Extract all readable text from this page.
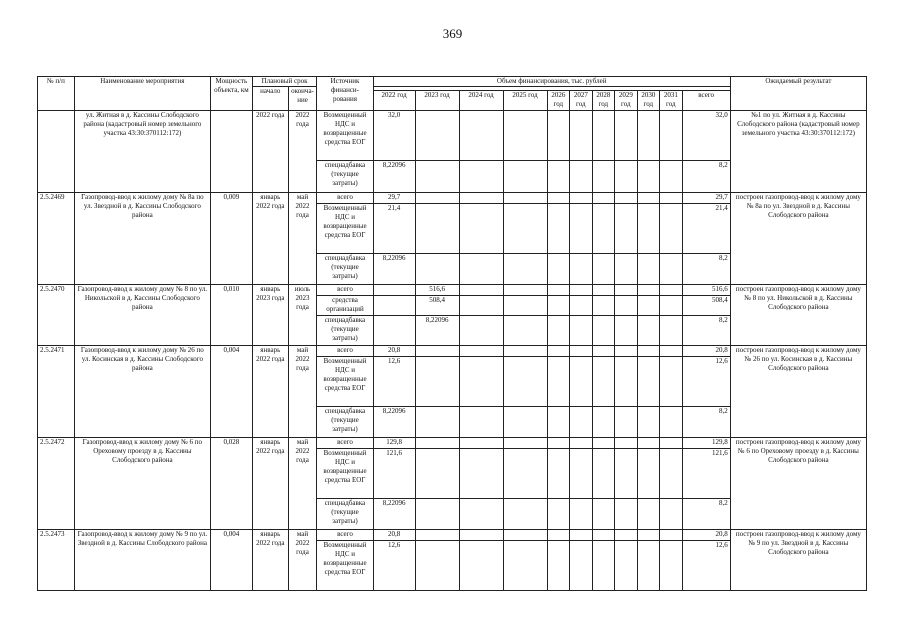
369
№ п/п	Наименование мероприятия	Мощность объекта, км	Плановый срок		Источник финанси-рования	Объем финансирования, тыс. рублей											Ожидаемый результат
			начало	оконча-ние													
						2022 год	2023 год	2024 год	2025 год	2026 год	2027 год	2028 год	2029 год	2030 год	2031 год	всего	
	ул. Житная в д. Кассины Слободского района (кадастровый номер земельного участка 43:30:370112:172)		2022 года	2022 года	Возмещенный НДС и возвращенные средства ЕОГ	32,0										32,0	№1 по ул. Житная в д. Кассины Слободского района (кадастровый номер земельного участка 43:30:370112:172)
					спецнадбавка (текущие затраты)	8,22096										8,2	
2.5.2469	Газопровод-ввод к жилому дому № 8а по ул. Звездной в д. Кассины Слободского района	0,009	январь 2022 года	май 2022 года	всего	29,7										29,7	построен газопровод-ввод к жилому дому № 8а по ул. Звездной в д. Кассины Слободского района
					Возмещенный НДС и возвращенные средства ЕОГ	21,4										21,4	
					спецнадбавка (текущие затраты)	8,22096										8,2	
2.5.2470	Газопровод-ввод к жилому дому № 8 по ул. Никольской в д. Кассины Слободского района	0,010	январь 2023 года	июль 2023 года	всего		516,6									516,6	построен газопровод-ввод к жилому дому № 8 по ул. Никольской в д. Кассины Слободского района
					средства организаций		508,4									508,4	
					спецнадбавка (текущие затраты)		8,22096									8,2	
2.5.2471	Газопровод-ввод к жилому дому № 26 по ул. Косинская в д. Кассины Слободского района	0,004	январь 2022 года	май 2022 года	всего	20,8										20,8	построен газопровод-ввод к жилому дому № 26 по ул. Косинская в д. Кассины Слободского района
					Возмещенный НДС и возвращенные средства ЕОГ	12,6										12,6	
					спецнадбавка (текущие затраты)	8,22096										8,2	
2.5.2472	Газопровод-ввод к жилому дому № 6 по Ореховому проезду в д. Кассины Слободского района	0,028	январь 2022 года	май 2022 года	всего	129,8										129,8	построен газопровод-ввод к жилому дому № 6 по Ореховому проезду в д. Кассины Слободского района
					Возмещенный НДС и возвращенные средства ЕОГ	121,6										121,6	
					спецнадбавка (текущие затраты)	8,22096										8,2	
2.5.2473	Газопровод-ввод к жилому дому № 9 по ул. Звездной в д. Кассины Слободского района	0,004	январь 2022 года	май 2022 года	всего	20,8										20,8	построен газопровод-ввод к жилому дому № 9 по ул. Звездной в д. Кассины Слободского района
					Возмещенный НДС и возвращенные средства ЕОГ	12,6										12,6	
